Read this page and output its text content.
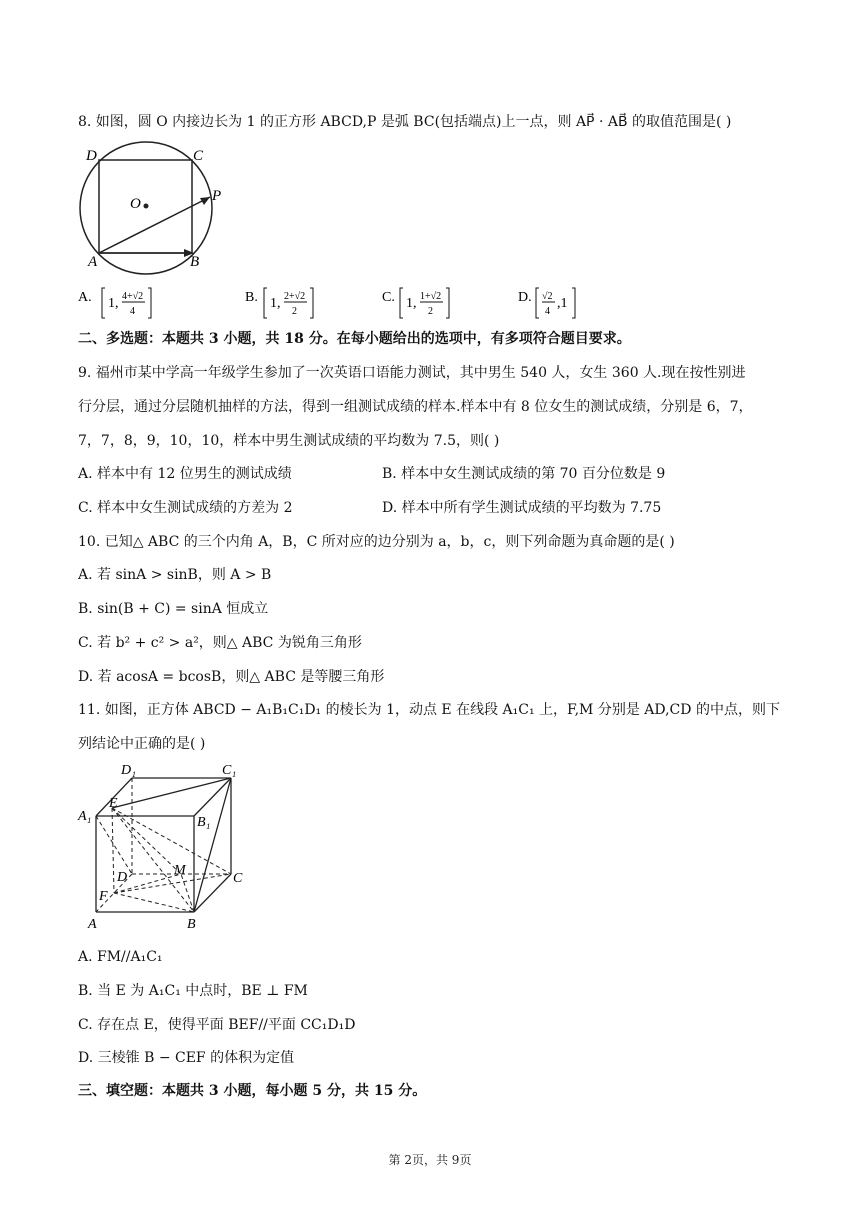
8. 如图，圆 O 内接边长为 1 的正方形 ABCD,P 是弧 BC(包括端点)上一点，则 AP⃗ · AB⃗ 的取值范围是( )
D	C
O	P
A	B
A. 1, 4+√2
4
B. 1, 2+√2
2
C. 1, 1+√2
2
D. √2
4
,1
二、多选题：本题共 3 小题，共 18 分。在每小题给出的选项中，有多项符合题目要求。
9. 福州市某中学高一年级学生参加了一次英语口语能力测试，其中男生 540 人，女生 360 人.现在按性别进
行分层，通过分层随机抽样的方法，得到一组测试成绩的样本.样本中有 8 位女生的测试成绩，分别是 6，7，
7，7，8，9，10，10，样本中男生测试成绩的平均数为 7.5，则( )
A. 样本中有 12 位男生的测试成绩	B. 样本中女生测试成绩的第 70 百分位数是 9
C. 样本中女生测试成绩的方差为 2	D. 样本中所有学生测试成绩的平均数为 7.75
10. 已知△ ABC 的三个内角 A，B，C 所对应的边分别为 a，b，c，则下列命题为真命题的是( )
A. 若 sinA > sinB，则 A > B
B. sin(B + C) = sinA 恒成立
C. 若 b² + c² > a²，则△ ABC 为锐角三角形
D. 若 acosA = bcosB，则△ ABC 是等腰三角形
11. 如图，正方体 ABCD − A₁B₁C₁D₁ 的棱长为 1，动点 E 在线段 A₁C₁ 上，F,M 分别是 AD,CD 的中点，则下
列结论中正确的是( )
D₁	C₁
A₁	B₁
E
D	M
C
F
A	B
A. FM//A₁C₁
B. 当 E 为 A₁C₁ 中点时，BE ⊥ FM
C. 存在点 E，使得平面 BEF//平面 CC₁D₁D
D. 三棱锥 B − CEF 的体积为定值
三、填空题：本题共 3 小题，每小题 5 分，共 15 分。
第 2页，共 9页
